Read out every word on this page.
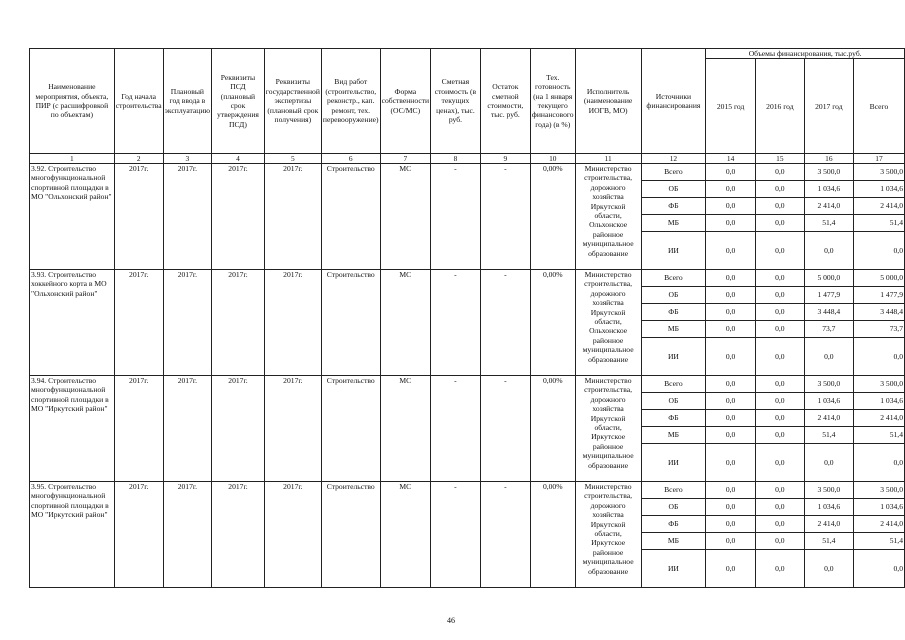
Наименование мероприятия, объекта, ПИР (с расшифровкой по объектам)	Год начала строительства	Плановый год ввода в эксплуатацию	Реквизиты ПСД (плановый срок утверждения ПСД)	Реквизиты государственной экспертизы (плановый срок получения)	Вид работ (строительство, реконстр., кап. ремонт, тех. перевооружение)	Форма собственности (ОС/МС)	Сметная стоимость (в текущих ценах), тыс. руб.	Остаток сметной стоимости, тыс. руб.	Тех. готовность (на 1 января текущего финансового года) (в %)	Исполнитель (наименование ИОГВ, МО)	Источники финансирования	Объемы финансирования, тыс.руб.			
												2015 год	2016 год	2017 год	Всего
1	2	3	4	5	6	7	8	9	10	11	12	14	15	16	17
3.92. Строительство многофункциональной спортивной площадки в МО "Ольхонский район"	2017г.	2017г.	2017г.	2017г.	Строительство	МС	-	-	0,00%	Министерство строительства, дорожного хозяйства Иркутской области, Ольхонское районное муниципальное образование	Всего	0,0	0,0	3 500,0	3 500,0
											ОБ	0,0	0,0	1 034,6	1 034,6
											ФБ	0,0	0,0	2 414,0	2 414,0
											МБ	0,0	0,0	51,4	51,4
											ИИ	0,0	0,0	0,0	0,0
3.93. Строительство хоккейного корта в МО "Ольхонский район"	2017г.	2017г.	2017г.	2017г.	Строительство	МС	-	-	0,00%	Министерство строительства, дорожного хозяйства Иркутской области, Ольхонское районное муниципальное образование	Всего	0,0	0,0	5 000,0	5 000,0
											ОБ	0,0	0,0	1 477,9	1 477,9
											ФБ	0,0	0,0	3 448,4	3 448,4
											МБ	0,0	0,0	73,7	73,7
											ИИ	0,0	0,0	0,0	0,0
3.94. Строительство многофункциональной спортивной площадки в МО "Иркутский район"	2017г.	2017г.	2017г.	2017г.	Строительство	МС	-	-	0,00%	Министерство строительства, дорожного хозяйства Иркутской области, Иркутское районное муниципальное образование	Всего	0,0	0,0	3 500,0	3 500,0
											ОБ	0,0	0,0	1 034,6	1 034,6
											ФБ	0,0	0,0	2 414,0	2 414,0
											МБ	0,0	0,0	51,4	51,4
											ИИ	0,0	0,0	0,0	0,0
3.95. Строительство многофункциональной спортивной площадки в МО "Иркутский район"	2017г.	2017г.	2017г.	2017г.	Строительство	МС	-	-	0,00%	Министерство строительства, дорожного хозяйства Иркутской области, Иркутское районное муниципальное образование	Всего	0,0	0,0	3 500,0	3 500,0
											ОБ	0,0	0,0	1 034,6	1 034,6
											ФБ	0,0	0,0	2 414,0	2 414,0
											МБ	0,0	0,0	51,4	51,4
											ИИ	0,0	0,0	0,0	0,0
46
